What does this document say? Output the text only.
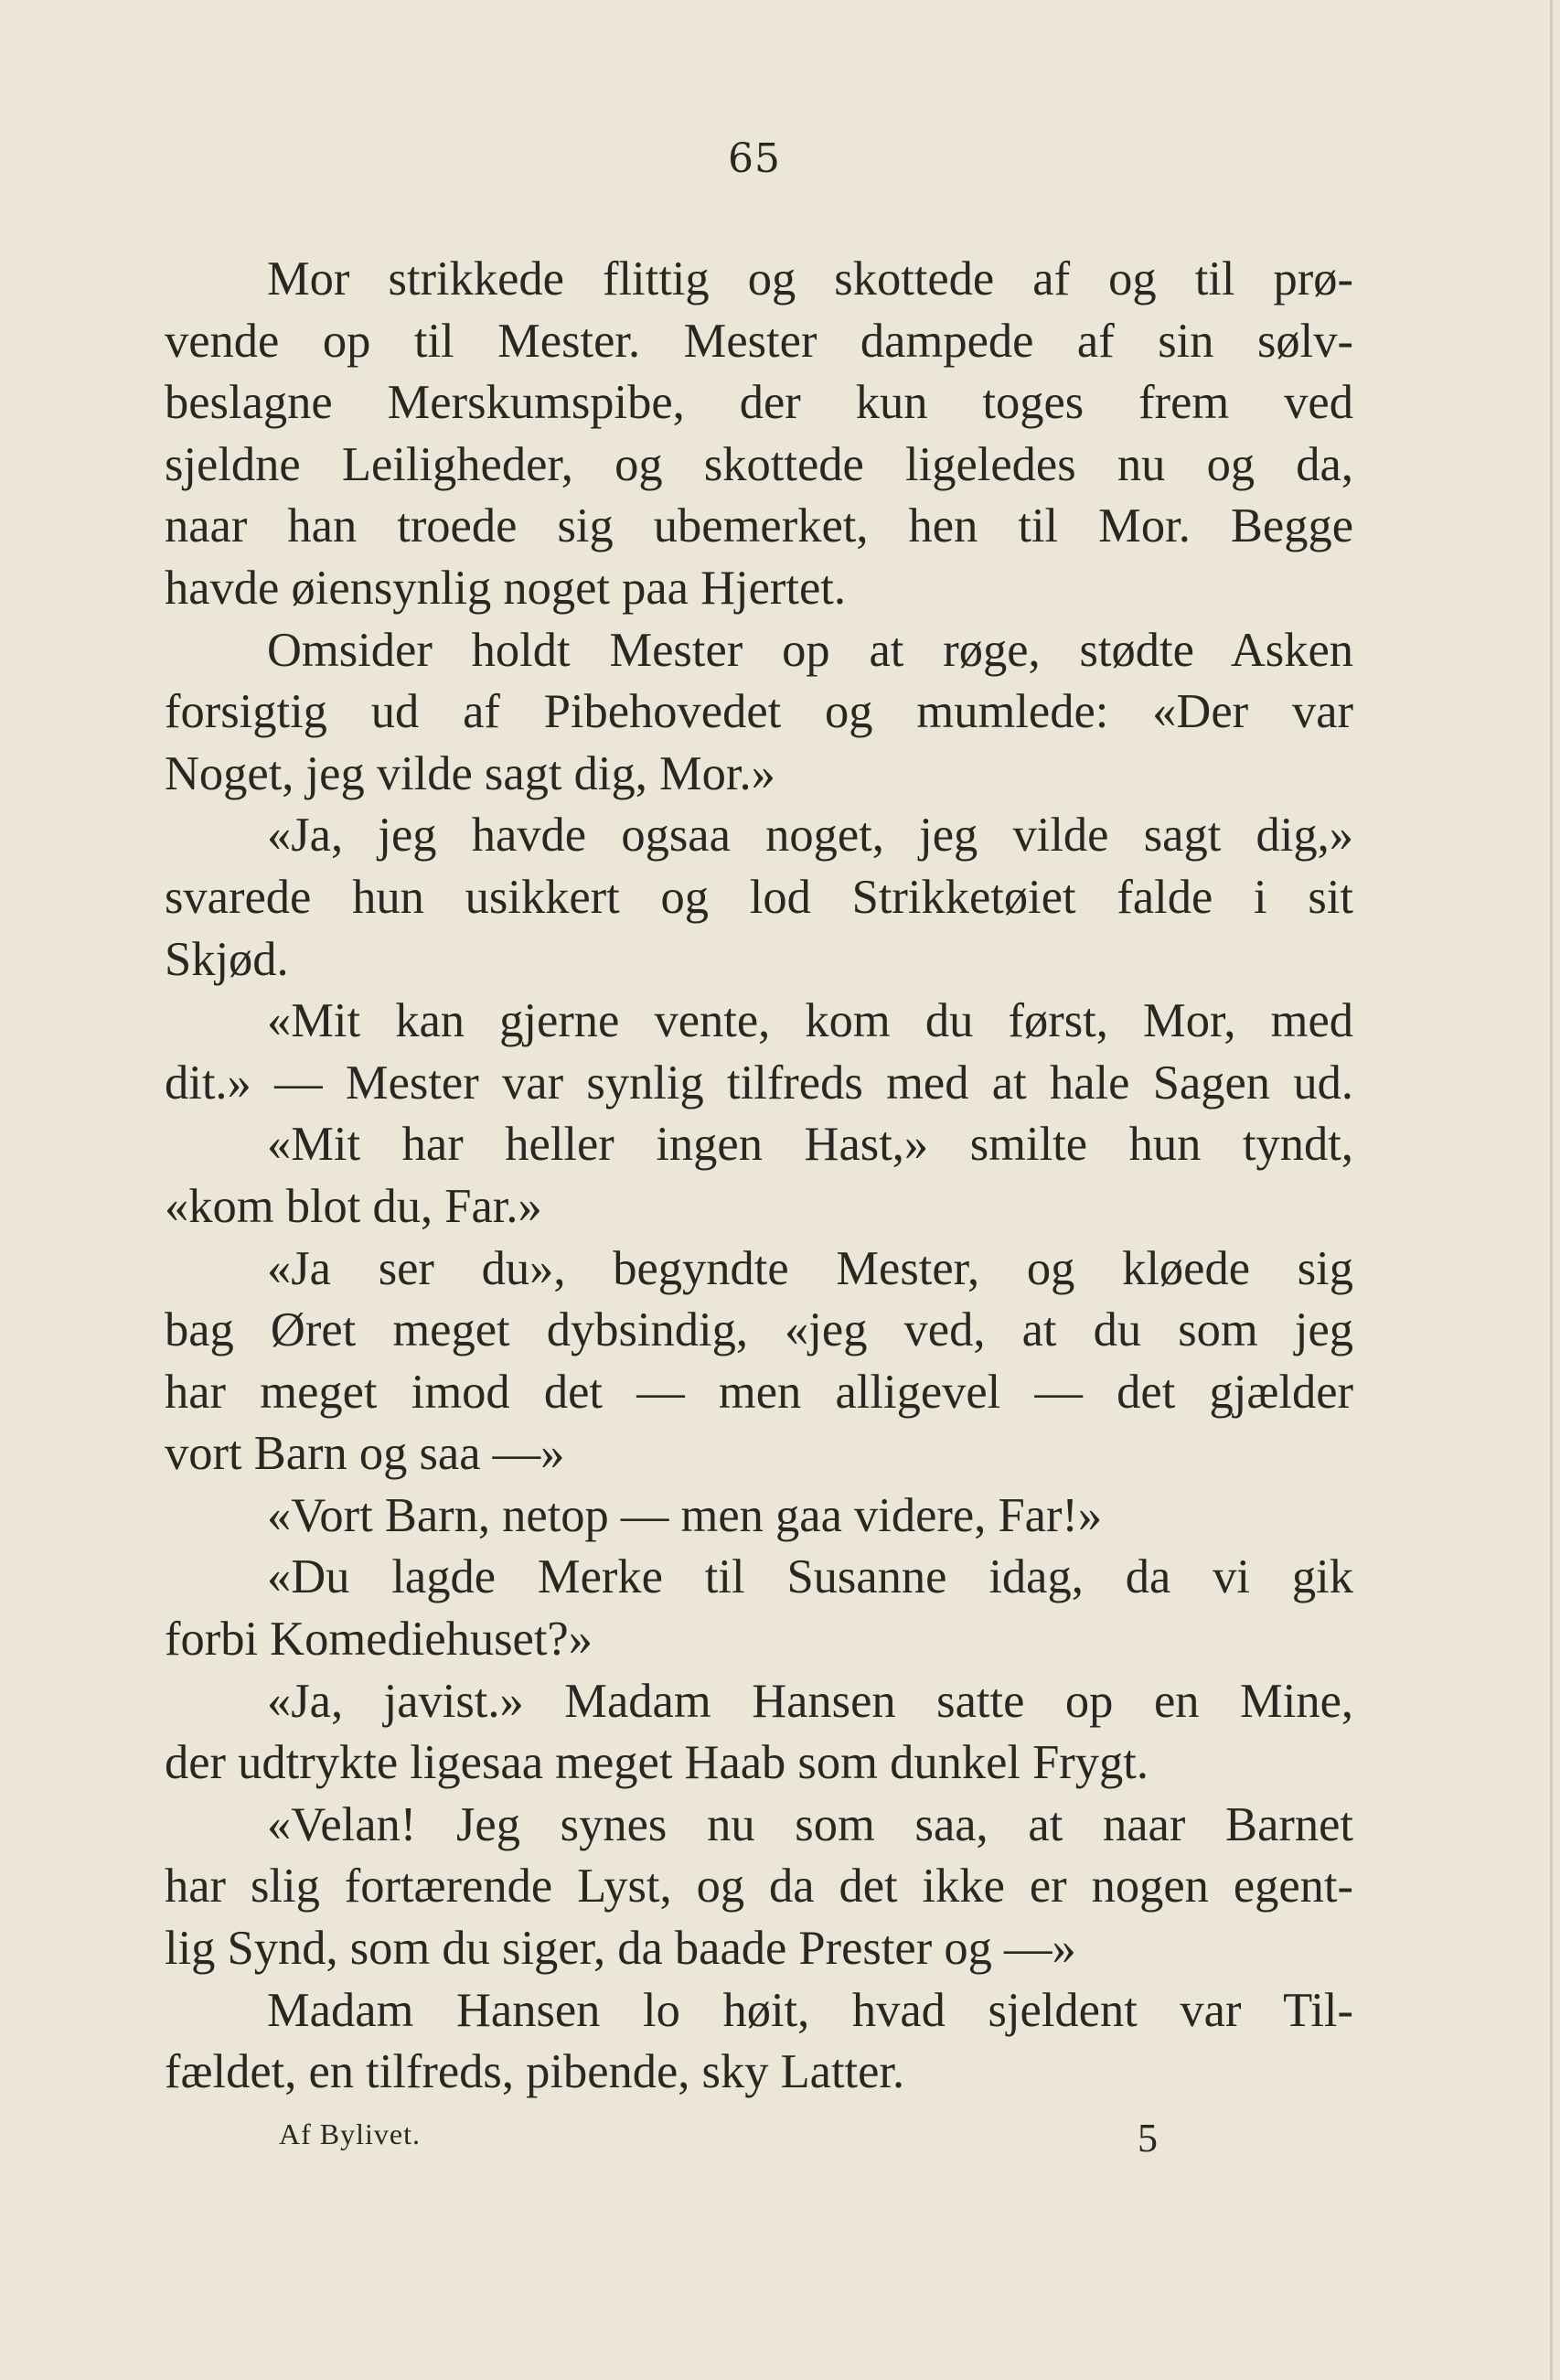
65
Mor strikkede flittig og skottede af og til prø-
vende op til Mester. Mester dampede af sin sølv-
beslagne Merskumspibe, der kun toges frem ved
sjeldne Leiligheder, og skottede ligeledes nu og da,
naar han troede sig ubemerket, hen til Mor. Begge
havde øiensynlig noget paa Hjertet.
Omsider holdt Mester op at røge, stødte Asken
forsigtig ud af Pibehovedet og mumlede: «Der var
Noget, jeg vilde sagt dig, Mor.»
«Ja, jeg havde ogsaa noget, jeg vilde sagt dig,»
svarede hun usikkert og lod Strikketøiet falde i sit
Skjød.
«Mit kan gjerne vente, kom du først, Mor, med
dit.» — Mester var synlig tilfreds med at hale Sagen ud.
«Mit har heller ingen Hast,» smilte hun tyndt,
«kom blot du, Far.»
«Ja ser du», begyndte Mester, og kløede sig
bag Øret meget dybsindig, «jeg ved, at du som jeg
har meget imod det — men alligevel — det gjælder
vort Barn og saa —»
«Vort Barn, netop — men gaa videre, Far!»
«Du lagde Merke til Susanne idag, da vi gik
forbi Komediehuset?»
«Ja, javist.» Madam Hansen satte op en Mine,
der udtrykte ligesaa meget Haab som dunkel Frygt.
«Velan! Jeg synes nu som saa, at naar Barnet
har slig fortærende Lyst, og da det ikke er nogen egent-
lig Synd, som du siger, da baade Prester og —»
Madam Hansen lo høit, hvad sjeldent var Til-
fældet, en tilfreds, pibende, sky Latter.
Af Bylivet.	5
